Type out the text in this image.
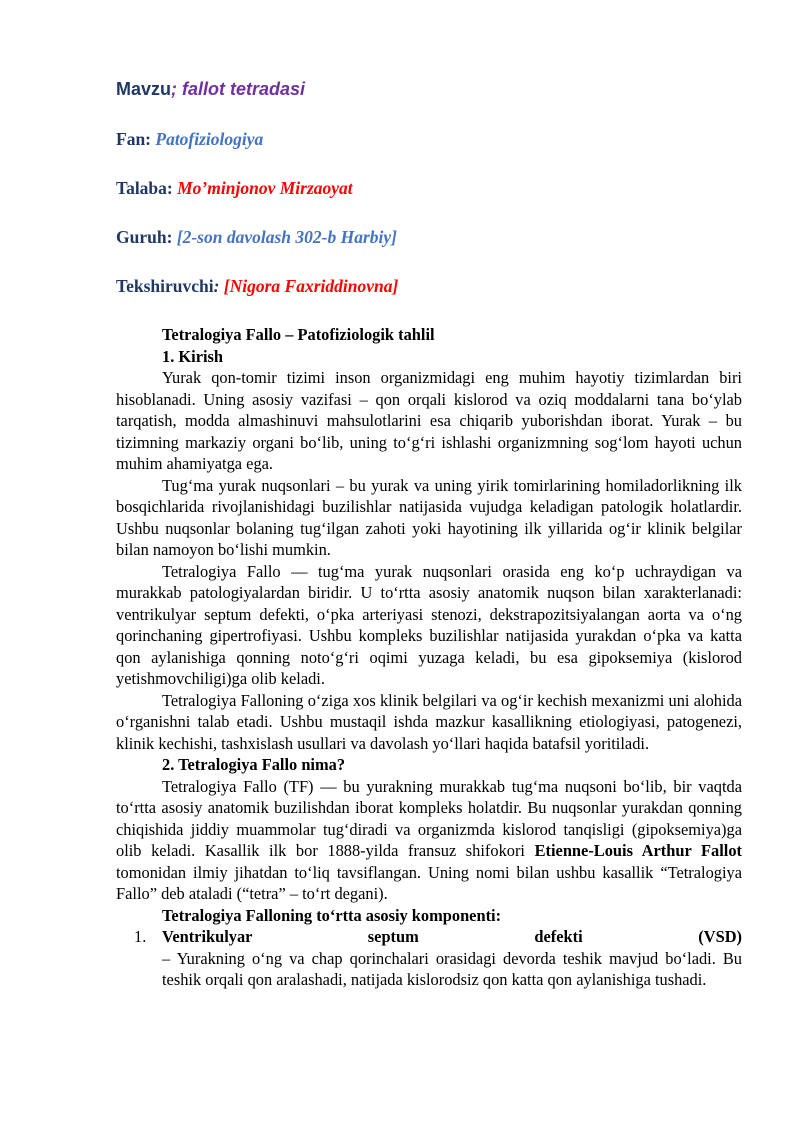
Mavzu; fallot tetradasi
Fan: Patofiziologiya
Talaba: Mo’minjonov Mirzaoyat
Guruh: [2-son davolash 302-b Harbiy]
Tekshiruvchi: [Nigora Faxriddinovna]
Tetralogiya Fallo – Patofiziologik tahlil
1. Kirish

Yurak qon-tomir tizimi inson organizmidagi eng muhim hayotiy tizimlardan biri hisoblanadi. Uning asosiy vazifasi – qon orqali kislorod va oziq moddalarni tana bo‘ylab tarqatish, modda almashinuvi mahsulotlarini esa chiqarib yuborishdan iborat. Yurak – bu tizimning markaziy organi bo‘lib, uning to‘g‘ri ishlashi organizmning sog‘lom hayoti uchun muhim ahamiyatga ega.

Tug‘ma yurak nuqsonlari – bu yurak va uning yirik tomirlarining homiladorlikning ilk bosqichlarida rivojlanishidagi buzilishlar natijasida vujudga keladigan patologik holatlardir. Ushbu nuqsonlar bolaning tug‘ilgan zahoti yoki hayotining ilk yillarida og‘ir klinik belgilar bilan namoyon bo‘lishi mumkin.

Tetralogiya Fallo — tug‘ma yurak nuqsonlari orasida eng ko‘p uchraydigan va murakkab patologiyalardan biridir. U to‘rtta asosiy anatomik nuqson bilan xarakterlanadi: ventrikulyar septum defekti, o‘pka arteriyasi stenozi, dekstrapozitsiyalangan aorta va o‘ng qorinchaning gipertrofiyasi. Ushbu kompleks buzilishlar natijasida yurakdan o‘pka va katta qon aylanishiga qonning noto‘g‘ri oqimi yuzaga keladi, bu esa gipoksemiya (kislorod yetishmovchiligi)ga olib keladi.

Tetralogiya Falloning o‘ziga xos klinik belgilari va og‘ir kechish mexanizmi uni alohida o‘rganishni talab etadi. Ushbu mustaqil ishda mazkur kasallikning etiologiyasi, patogenezi, klinik kechishi, tashxislash usullari va davolash yo‘llari haqida batafsil yoritiladi.

2. Tetralogiya Fallo nima?

Tetralogiya Fallo (TF) — bu yurakning murakkab tug‘ma nuqsoni bo‘lib, bir vaqtda to‘rtta asosiy anatomik buzilishdan iborat kompleks holatdir. Bu nuqsonlar yurakdan qonning chiqishida jiddiy muammolar tug‘diradi va organizmda kislorod tanqisligi (gipoksemiya)ga olib keladi. Kasallik ilk bor 1888-yilda fransuz shifokori Etienne-Louis Arthur Fallot tomonidan ilmiy jihatdan to‘liq tavsiflangan. Uning nomi bilan ushbu kasallik “Tetralogiya Fallo” deb ataladi (“tetra” – to‘rt degani).

Tetralogiya Falloning to‘rtta asosiy komponenti:
1. Ventrikulyar septum defekti (VSD)
– Yurakning o‘ng va chap qorinchalari orasidagi devorda teshik mavjud bo‘ladi. Bu teshik orqali qon aralashadi, natijada kislorodsiz qon katta qon aylanishiga tushadi.
